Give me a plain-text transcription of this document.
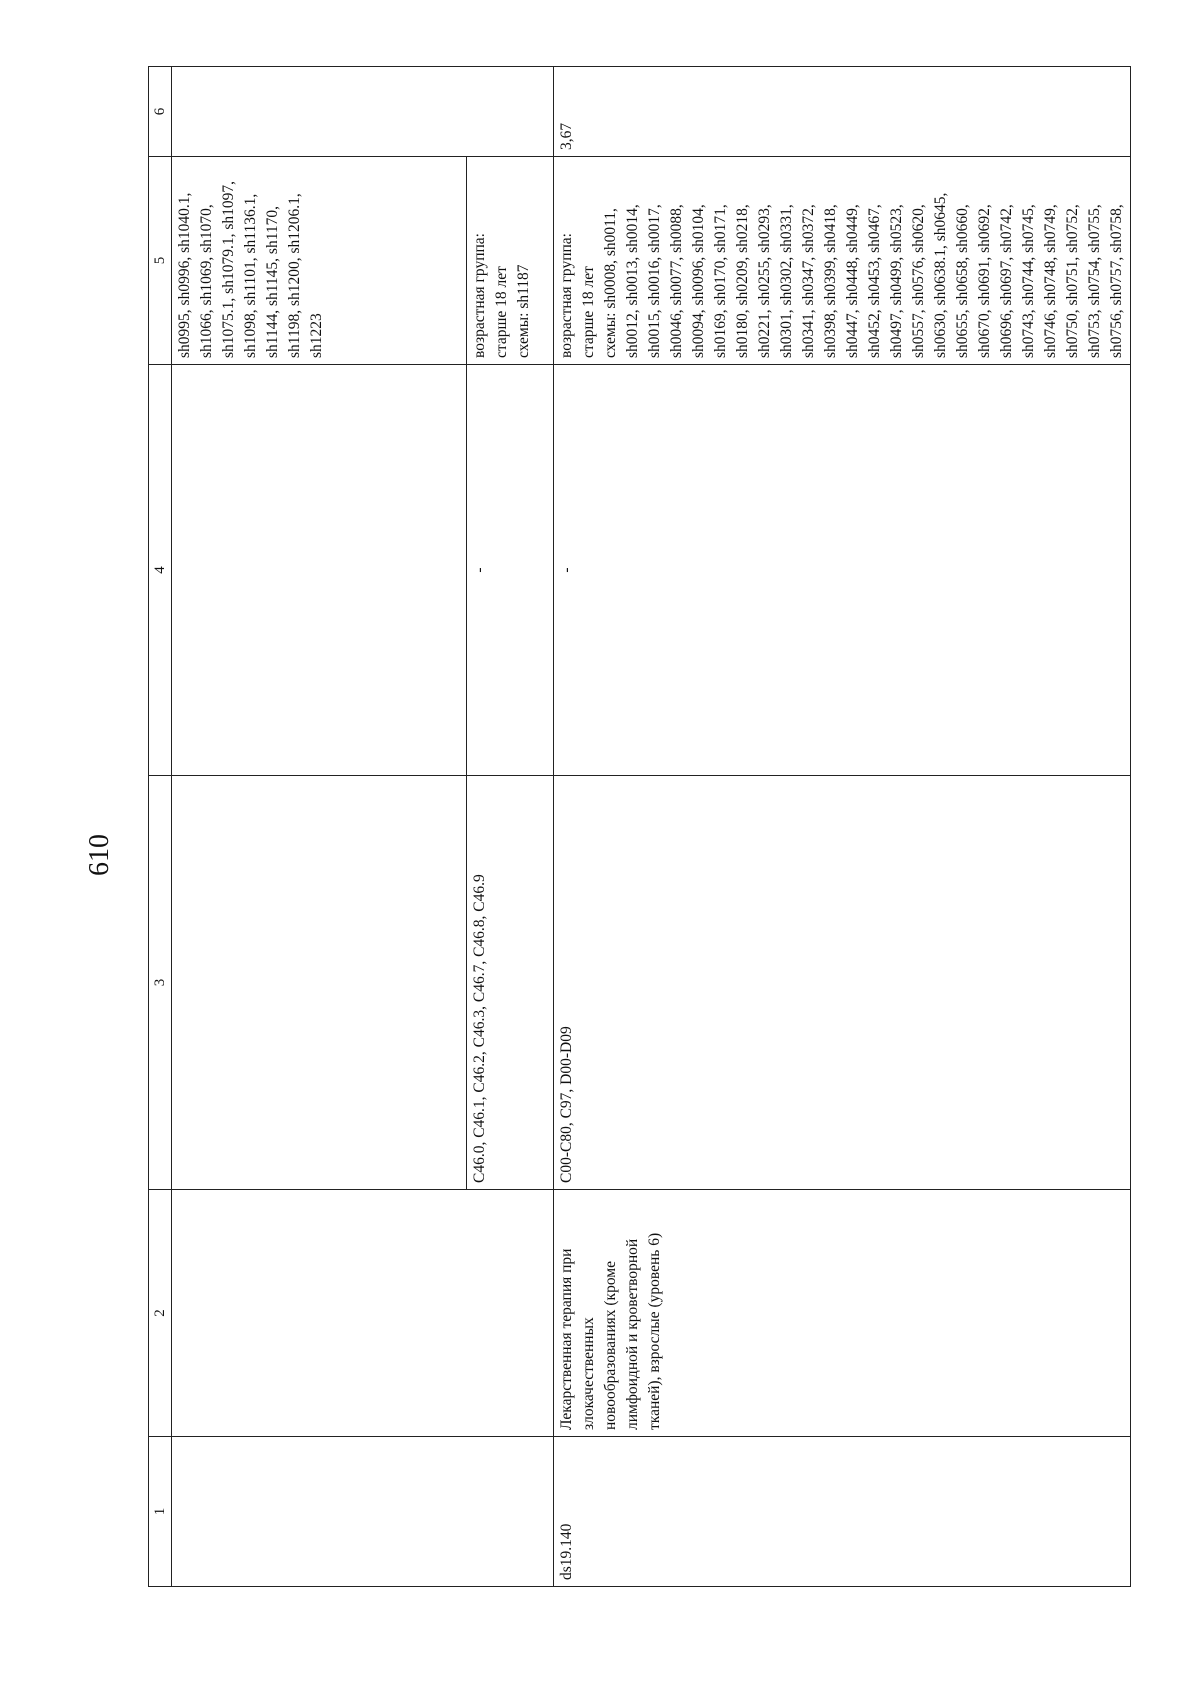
610
1	2	3	4	5	6
				sh0995, sh0996, sh1040.1, sh1066, sh1069, sh1070, sh1075.1, sh1079.1, sh1097, sh1098, sh1101, sh1136.1, sh1144, sh1145, sh1170, sh1198, sh1200, sh1206.1, sh1223	
		C46.0, C46.1, C46.2, C46.3, C46.7, C46.8, C46.9	-	возрастная группа: старше 18 лет схемы: sh1187	

ds19.140	Лекарственная терапия при злокачественных новообразованиях (кроме лимфоидной и кроветворной тканей), взрослые (уровень 6)	C00-C80, C97, D00-D09	-	возрастная группа: старше 18 лет схемы: sh0008, sh0011, sh0012, sh0013, sh0014, sh0015, sh0016, sh0017, sh0046, sh0077, sh0088, sh0094, sh0096, sh0104, sh0169, sh0170, sh0171, sh0180, sh0209, sh0218, sh0221, sh0255, sh0293, sh0301, sh0302, sh0331, sh0341, sh0347, sh0372, sh0398, sh0399, sh0418, sh0447, sh0448, sh0449, sh0452, sh0453, sh0467, sh0497, sh0499, sh0523, sh0557, sh0576, sh0620, sh0630, sh0638.1, sh0645, sh0655, sh0658, sh0660, sh0670, sh0691, sh0692, sh0696, sh0697, sh0742, sh0743, sh0744, sh0745, sh0746, sh0748, sh0749, sh0750, sh0751, sh0752, sh0753, sh0754, sh0755, sh0756, sh0757, sh0758,	3,67
